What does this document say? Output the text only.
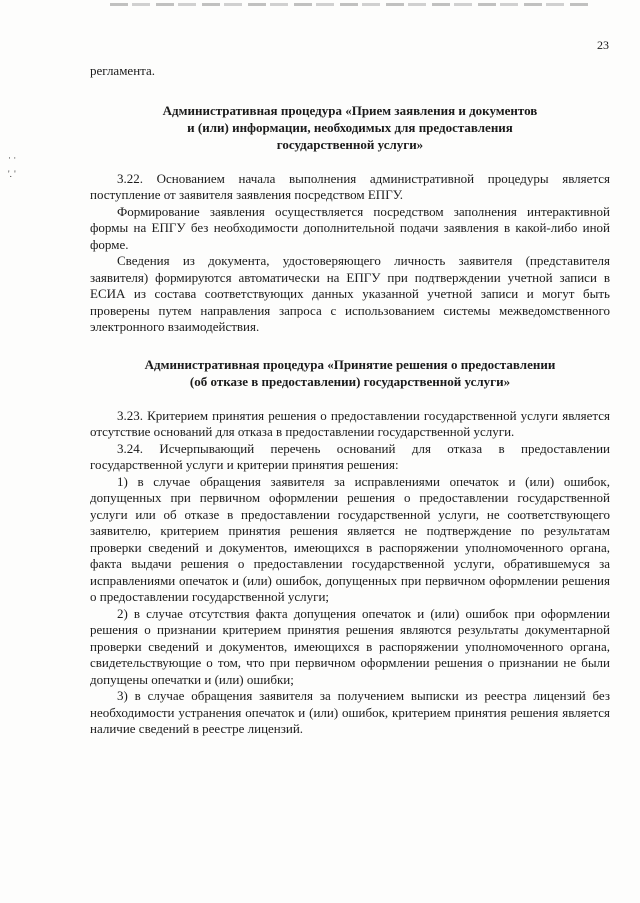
23
· ·
'. '

регламента.

Административная процедура «Прием заявления и документов
и (или) информации, необходимых для предоставления
государственной услуги»

3.22. Основанием начала выполнения административной процедуры является поступление от заявителя заявления посредством ЕПГУ.

Формирование заявления осуществляется посредством заполнения интерактивной формы на ЕПГУ без необходимости дополнительной подачи заявления в какой-либо иной форме.

Сведения из документа, удостоверяющего личность заявителя (представителя заявителя) формируются автоматически на ЕПГУ при подтверждении учетной записи в ЕСИА из состава соответствующих данных указанной учетной записи и могут быть проверены путем направления запроса с использованием системы межведомственного электронного взаимодействия.

Административная процедура «Принятие решения о предоставлении
(об отказе в предоставлении) государственной услуги»

3.23. Критерием принятия решения о предоставлении государственной услуги является отсутствие оснований для отказа в предоставлении государственной услуги.

3.24. Исчерпывающий перечень оснований для отказа в предоставлении государственной услуги и критерии принятия решения:

1) в случае обращения заявителя за исправлениями опечаток и (или) ошибок, допущенных при первичном оформлении решения о предоставлении государственной услуги или об отказе в предоставлении государственной услуги, не соответствующего заявителю, критерием принятия решения является не подтверждение по результатам проверки сведений и документов, имеющихся в распоряжении уполномоченного органа, факта выдачи решения о предоставлении государственной услуги, обратившемуся за исправлениями опечаток и (или) ошибок, допущенных при первичном оформлении решения о предоставлении государственной услуги;

2) в случае отсутствия факта допущения опечаток и (или) ошибок при оформлении решения о признании критерием принятия решения являются результаты документарной проверки сведений и документов, имеющихся в распоряжении уполномоченного органа, свидетельствующие о том, что при первичном оформлении решения о признании не были допущены опечатки и (или) ошибки;

3) в случае обращения заявителя за получением выписки из реестра лицензий без необходимости устранения опечаток и (или) ошибок, критерием принятия решения является наличие сведений в реестре лицензий.
